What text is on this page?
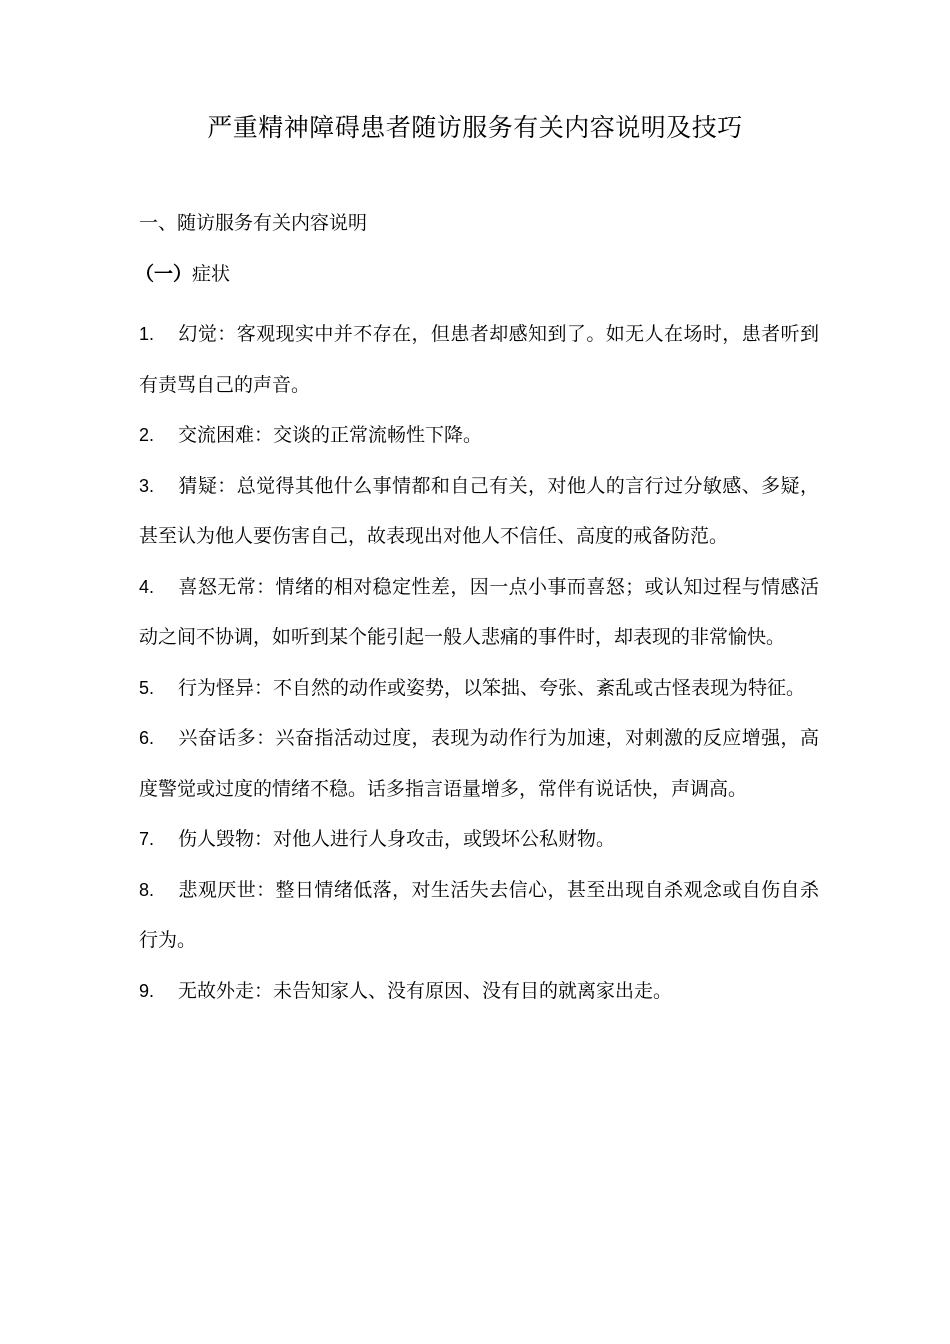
严重精神障碍患者随访服务有关内容说明及技巧

一、随访服务有关内容说明

（一）症状

1. 幻觉：客观现实中并不存在，但患者却感知到了。如无人在场时，患者听到有责骂自己的声音。
2. 交流困难：交谈的正常流畅性下降。
3. 猜疑：总觉得其他什么事情都和自己有关，对他人的言行过分敏感、多疑，甚至认为他人要伤害自己，故表现出对他人不信任、高度的戒备防范。
4. 喜怒无常：情绪的相对稳定性差，因一点小事而喜怒；或认知过程与情感活动之间不协调，如听到某个能引起一般人悲痛的事件时，却表现的非常愉快。
5. 行为怪异：不自然的动作或姿势，以笨拙、夸张、紊乱或古怪表现为特征。
6. 兴奋话多：兴奋指活动过度，表现为动作行为加速，对刺激的反应增强，高度警觉或过度的情绪不稳。话多指言语量增多，常伴有说话快，声调高。
7. 伤人毁物：对他人进行人身攻击，或毁坏公私财物。
8. 悲观厌世：整日情绪低落，对生活失去信心，甚至出现自杀观念或自伤自杀行为。
9. 无故外走：未告知家人、没有原因、没有目的就离家出走。
